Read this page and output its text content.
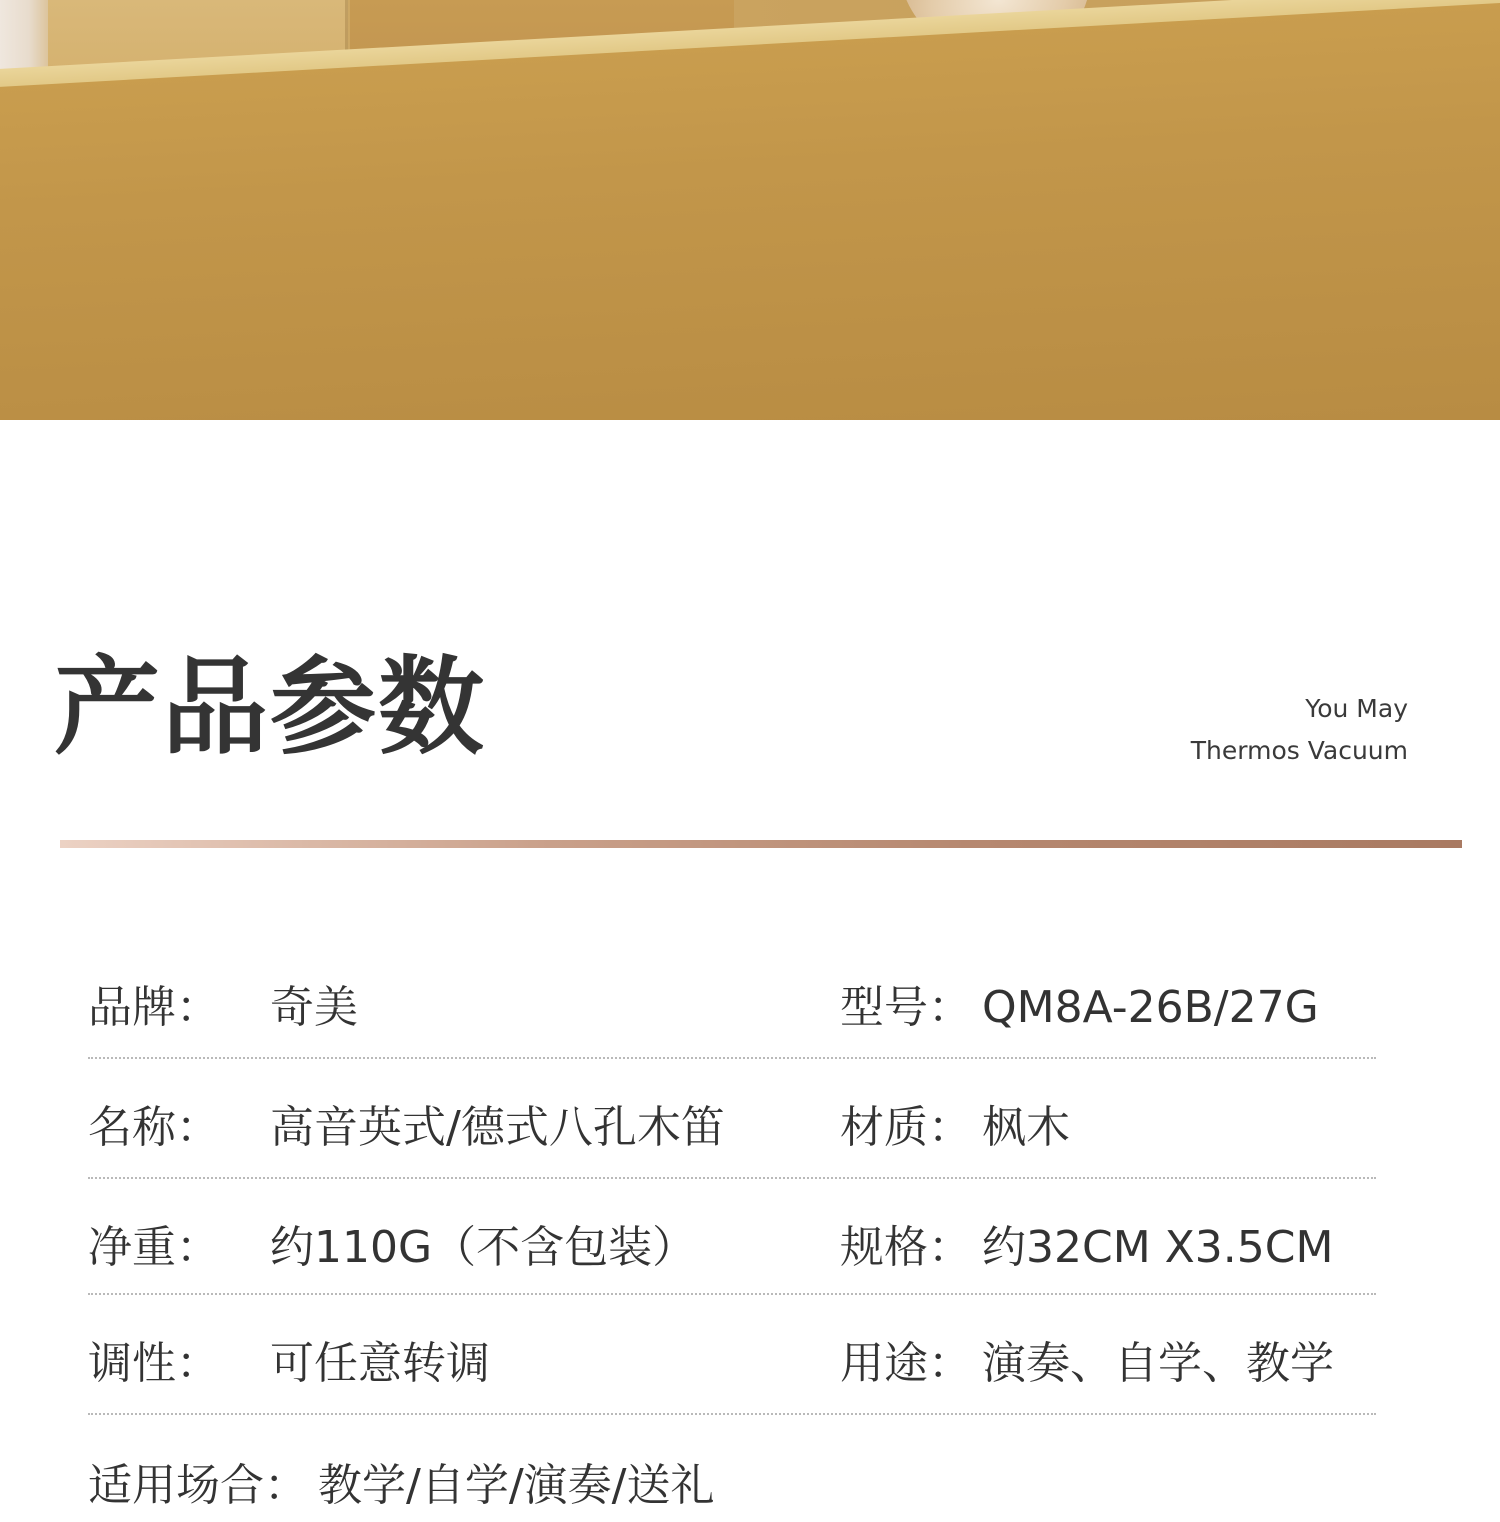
产品参数	You May
Thermos Vacuum
品牌： 奇美	型号： QM8A-26B/27G
名称： 高音英式/德式八孔木笛	材质： 枫木
净重： 约110G（不含包装）	规格： 约32CM X3.5CM
调性： 可任意转调	用途： 演奏、自学、教学
适用场合： 教学/自学/演奏/送礼
